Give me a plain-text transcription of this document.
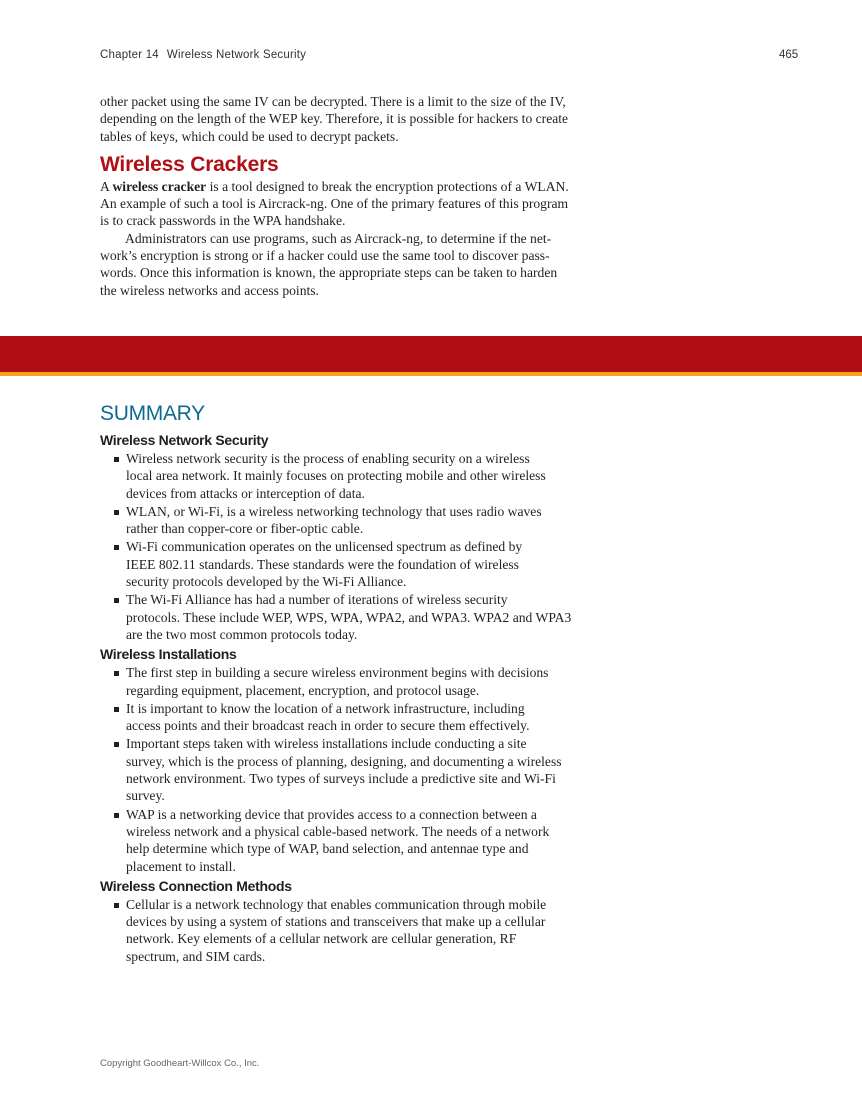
Chapter 14 Wireless Network Security	465

other packet using the same IV can be decrypted. There is a limit to the size of the IV,
depending on the length of the WEP key. Therefore, it is possible for hackers to create
tables of keys, which could be used to decrypt packets.

Wireless Crackers

A wireless cracker is a tool designed to break the encryption protections of a WLAN.
An example of such a tool is Aircrack-ng. One of the primary features of this program
is to crack passwords in the WPA handshake.

Administrators can use programs, such as Aircrack-ng, to determine if the net-
work’s encryption is strong or if a hacker could use the same tool to discover pass-
words. Once this information is known, the appropriate steps can be taken to harden
the wireless networks and access points.

SUMMARY
Wireless Network Security
Wireless network security is the process of enabling security on a wireless
local area network. It mainly focuses on protecting mobile and other wireless
devices from attacks or interception of data.
WLAN, or Wi-Fi, is a wireless networking technology that uses radio waves
rather than copper-core or fiber-optic cable.
Wi-Fi communication operates on the unlicensed spectrum as defined by
IEEE 802.11 standards. These standards were the foundation of wireless
security protocols developed by the Wi-Fi Alliance.
The Wi-Fi Alliance has had a number of iterations of wireless security
protocols. These include WEP, WPS, WPA, WPA2, and WPA3. WPA2 and WPA3
are the two most common protocols today.
Wireless Installations
The first step in building a secure wireless environment begins with decisions
regarding equipment, placement, encryption, and protocol usage.
It is important to know the location of a network infrastructure, including
access points and their broadcast reach in order to secure them effectively.
Important steps taken with wireless installations include conducting a site
survey, which is the process of planning, designing, and documenting a wireless
network environment. Two types of surveys include a predictive site and Wi-Fi
survey.
WAP is a networking device that provides access to a connection between a
wireless network and a physical cable-based network. The needs of a network
help determine which type of WAP, band selection, and antennae type and
placement to install.
Wireless Connection Methods
Cellular is a network technology that enables communication through mobile
devices by using a system of stations and transceivers that make up a cellular
network. Key elements of a cellular network are cellular generation, RF
spectrum, and SIM cards.
Copyright Goodheart-Willcox Co., Inc.
